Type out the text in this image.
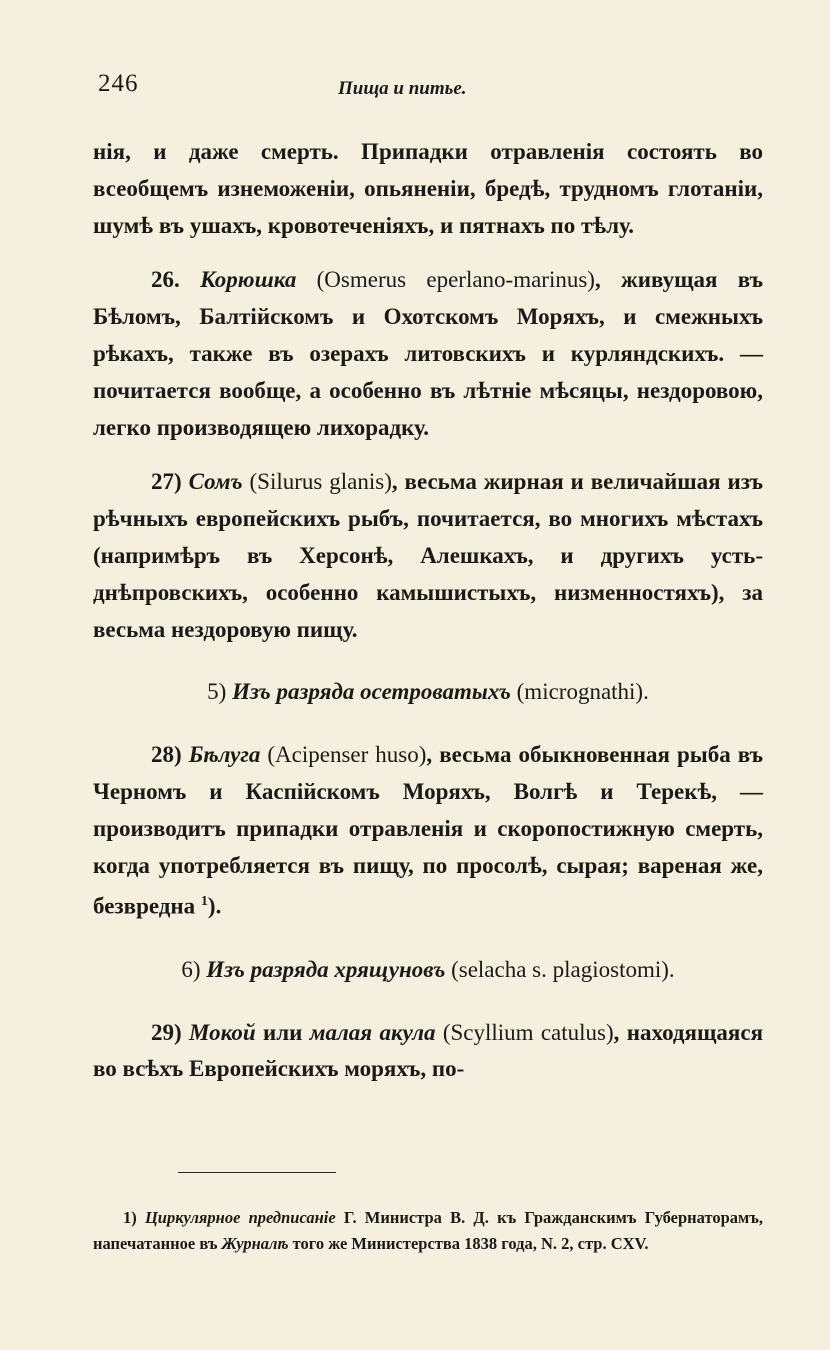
246	Пища и питье.

нія, и даже смерть. Припадки отравленія состоять во всеобщемъ изнеможеніи, опьяненіи, бредѣ, трудномъ глотаніи, шумѣ въ ушахъ, кровотеченіяхъ, и пятнахъ по тѣлу.

26. Корюшка (Osmerus eperlano-marinus), живущая въ Бѣломъ, Балтійскомъ и Охотскомъ Моряхъ, и смежныхъ рѣкахъ, также въ озерахъ литовскихъ и курляндскихъ. — почитается вообще, а особенно въ лѣтніе мѣсяцы, нездоровою, легко производящею лихорадку.

27) Сомъ (Silurus glanis), весьма жирная и величайшая изъ рѣчныхъ европейскихъ рыбъ, почитается, во многихъ мѣстахъ (напримѣръ въ Херсонѣ, Алешкахъ, и другихъ усть-днѣпровскихъ, особенно камышистыхъ, низменностяхъ), за весьма нездоровую пищу.

5) Изъ разряда осетроватыхъ (micrognathi).

28) Бѣлуга (Acipenser huso), весьма обыкновенная рыба въ Черномъ и Каспійскомъ Моряхъ, Волгѣ и Терекѣ, — производитъ припадки отравленія и скоропостижную смерть, когда употребляется въ пищу, по просолѣ, сырая; вареная же, безвредна $^1$).

6) Изъ разряда хрящуновъ (selacha s. plagiostomi).

29) Мокой или малая акула (Scyllium catulus), находящаяся во всѣхъ Европейскихъ моряхъ, по-

1) Циркулярное предписаніе Г. Министра В. Д. къ Гражданскимъ Губернаторамъ, напечатанное въ Журналѣ того же Министерства 1838 года, N. 2, стр. CXV.
